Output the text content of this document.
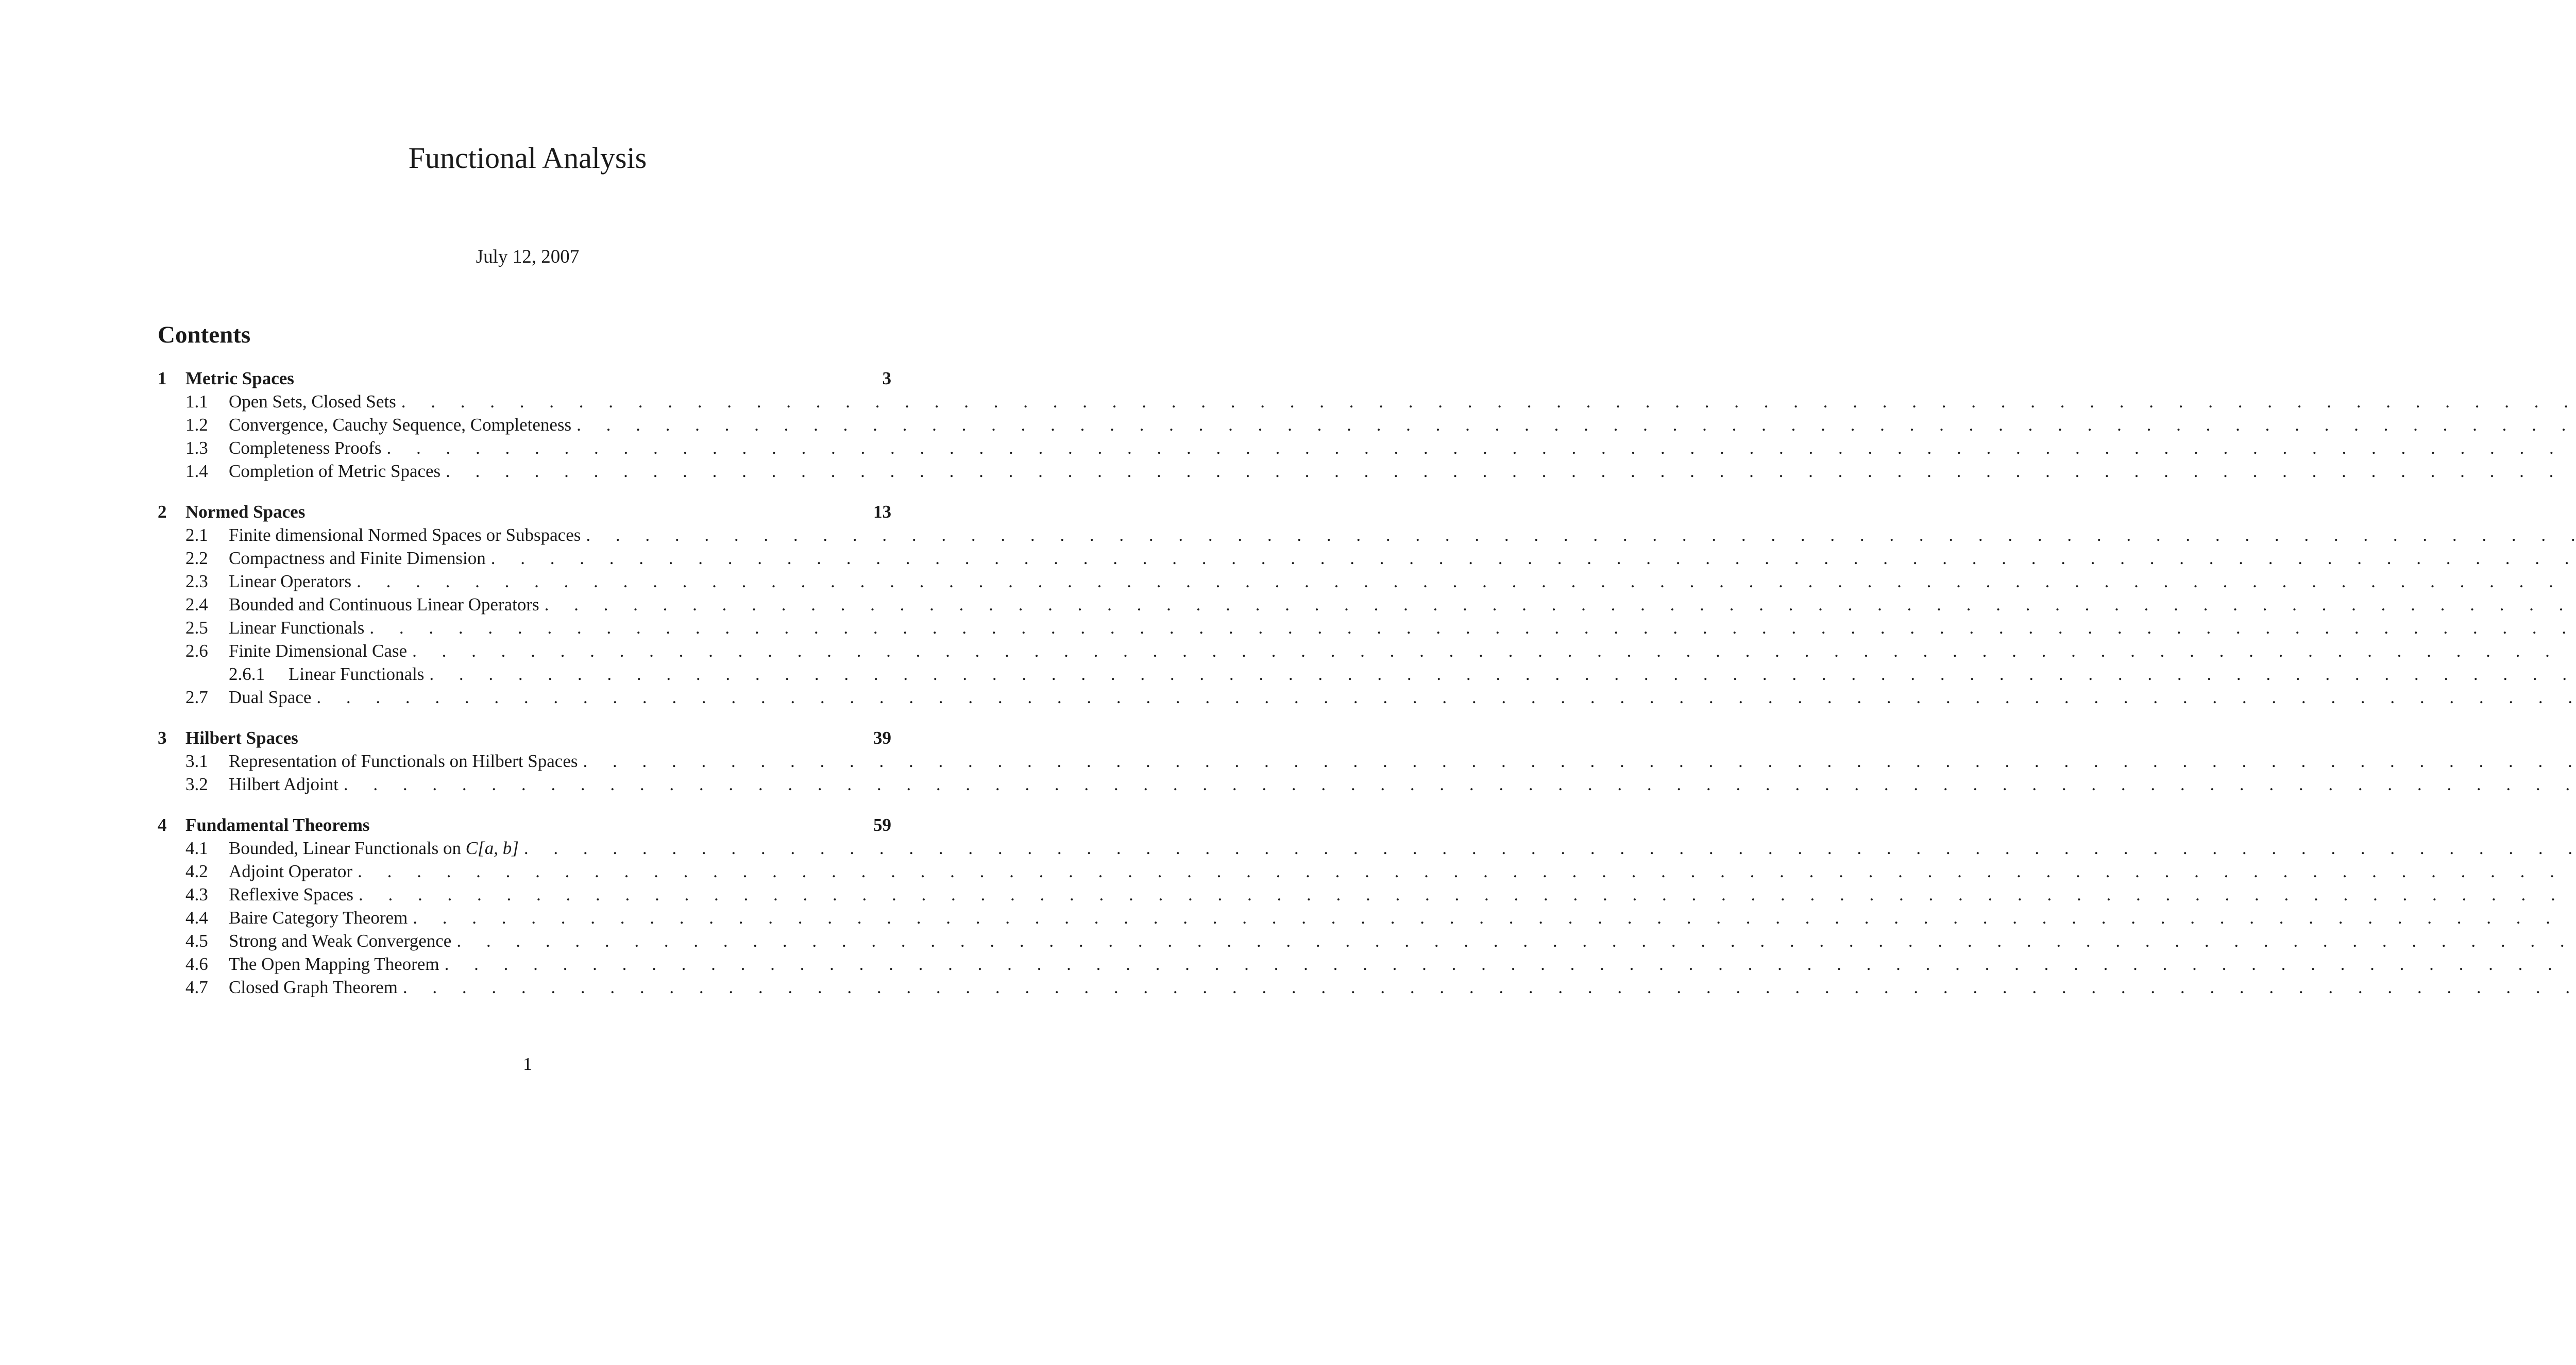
Functional Analysis
July 12, 2007
Contents
1	Metric Spaces	3
1.1	Open Sets, Closed Sets
. . .
1.2	Convergence, Cauchy Sequence, Completeness
. . .
1.3	Completeness Proofs
. . .
1.4	Completion of Metric Spaces
. . .
2	Normed Spaces	13
2.1	Finite dimensional Normed Spaces or Subspaces
. . .
2.2	Compactness and Finite Dimension
. . .
2.3	Linear Operators
. . .
2.4	Bounded and Continuous Linear Operators
. . .
2.5	Linear Functionals
. . .
2.6	Finite Dimensional Case
. . .
2.6.1	Linear Functionals
. . .
2.7	Dual Space
. . .
3	Hilbert Spaces	39
3.1	Representation of Functionals on Hilbert Spaces
. . .
3.2	Hilbert Adjoint
. . .
4	Fundamental Theorems	59
4.1	Bounded, Linear Functionals on C[a, b]
. . .
4.2	Adjoint Operator
. . .
4.3	Reflexive Spaces
. . .
4.4	Baire Category Theorem
. . .
4.5	Strong and Weak Convergence
. . .
4.6	The Open Mapping Theorem
. . .
4.7	Closed Graph Theorem
. . .
1
